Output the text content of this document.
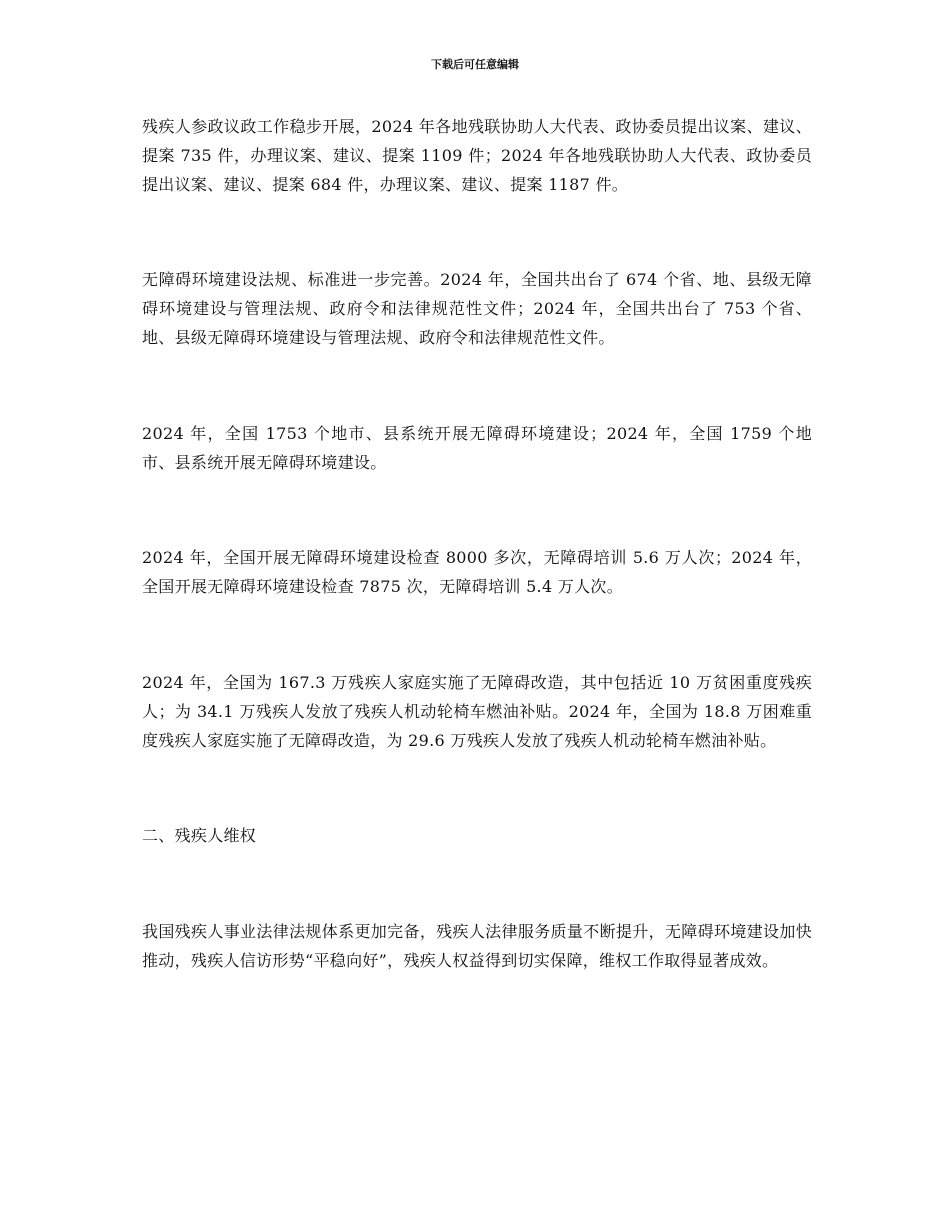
下载后可任意编辑

残疾人参政议政工作稳步开展，2024 年各地残联协助人大代表、政协委员提出议案、建议、提案 735 件，办理议案、建议、提案 1109 件；2024 年各地残联协助人大代表、政协委员提出议案、建议、提案 684 件，办理议案、建议、提案 1187 件。

无障碍环境建设法规、标准进一步完善。2024 年，全国共出台了 674 个省、地、县级无障碍环境建设与管理法规、政府令和法律规范性文件；2024 年，全国共出台了 753 个省、地、县级无障碍环境建设与管理法规、政府令和法律规范性文件。

2024 年，全国 1753 个地市、县系统开展无障碍环境建设；2024 年，全国 1759 个地市、县系统开展无障碍环境建设。

2024 年，全国开展无障碍环境建设检查 8000 多次，无障碍培训 5.6 万人次；2024 年，全国开展无障碍环境建设检查 7875 次，无障碍培训 5.4 万人次。

2024 年，全国为 167.3 万残疾人家庭实施了无障碍改造，其中包括近 10 万贫困重度残疾人；为 34.1 万残疾人发放了残疾人机动轮椅车燃油补贴。2024 年，全国为 18.8 万困难重度残疾人家庭实施了无障碍改造，为 29.6 万残疾人发放了残疾人机动轮椅车燃油补贴。

二、残疾人维权

我国残疾人事业法律法规体系更加完备，残疾人法律服务质量不断提升，无障碍环境建设加快推动，残疾人信访形势“平稳向好”，残疾人权益得到切实保障，维权工作取得显著成效。
